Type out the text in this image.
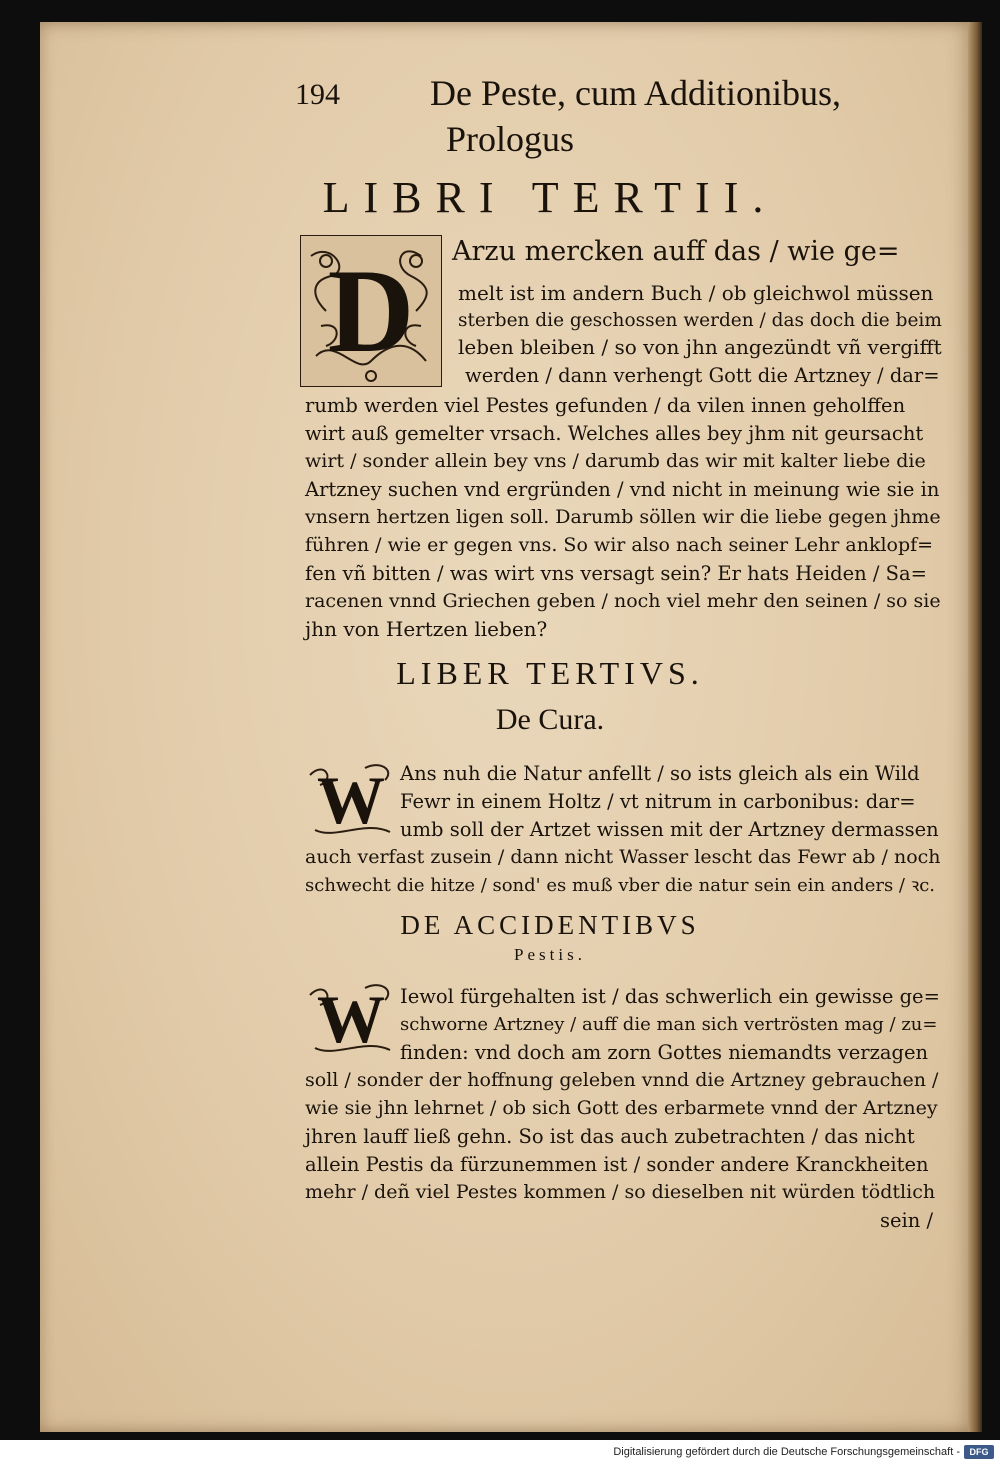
194	De Peste, cum Additionibus,
Prologus
LIBRI TERTII.
D Arzu mercken auff das / wie ge=
melt ist im andern Buch / ob gleichwol müssen
sterben die geschossen werden / das doch die beim
leben bleiben / so von jhn angezündt vñ vergifft
werden / dann verhengt Gott die Artzney / dar=
rumb werden viel Pestes gefunden / da vilen innen geholffen
wirt auß gemelter vrsach. Welches alles bey jhm nit geursacht
wirt / sonder allein bey vns / darumb das wir mit kalter liebe die
Artzney suchen vnd ergründen / vnd nicht in meinung wie sie in
vnsern hertzen ligen soll. Darumb söllen wir die liebe gegen jhme
führen / wie er gegen vns. So wir also nach seiner Lehr anklopf=
fen vñ bitten / was wirt vns versagt sein? Er hats Heiden / Sa=
racenen vnnd Griechen geben / noch viel mehr den seinen / so sie
jhn von Hertzen lieben?
LIBER TERTIVS.
De Cura.
W Ans nuh die Natur anfellt / so ists gleich als ein Wild
Fewr in einem Holtz / vt nitrum in carbonibus: dar=
umb soll der Artzet wissen mit der Artzney dermassen
auch verfast zusein / dann nicht Wasser lescht das Fewr ab / noch
schwecht die hitze / sond' es muß vber die natur sein ein anders / ꝛc.
DE ACCIDENTIBVS
Pestis.
W Iewol fürgehalten ist / das schwerlich ein gewisse ge=
schworne Artzney / auff die man sich vertrösten mag / zu=
finden: vnd doch am zorn Gottes niemandts verzagen
soll / sonder der hoffnung geleben vnnd die Artzney gebrauchen /
wie sie jhn lehrnet / ob sich Gott des erbarmete vnnd der Artzney
jhren lauff ließ gehn. So ist das auch zubetrachten / das nicht
allein Pestis da fürzunemmen ist / sonder andere Kranckheiten
mehr / deñ viel Pestes kommen / so dieselben nit würden tödtlich
sein /
Digitalisierung gefördert durch die Deutsche Forschungsgemeinschaft -	DFG
